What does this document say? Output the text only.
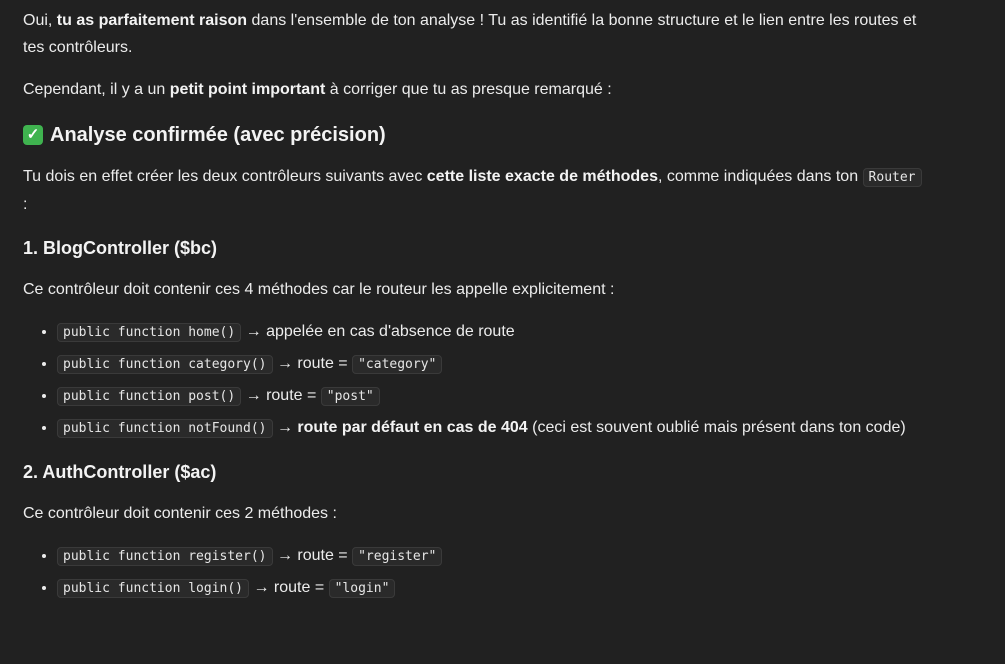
Oui, tu as parfaitement raison dans l'ensemble de ton analyse ! Tu as identifié la bonne structure et le lien entre les routes et tes contrôleurs.

Cependant, il y a un petit point important à corriger que tu as presque remarqué :

✓ Analyse confirmée (avec précision)

Tu dois en effet créer les deux contrôleurs suivants avec cette liste exacte de méthodes, comme indiquées dans ton Router :

1. BlogController ($bc)

Ce contrôleur doit contenir ces 4 méthodes car le routeur les appelle explicitement :

• public function home() → appelée en cas d'absence de route
• public function category() → route = "category"
• public function post() → route = "post"
• public function notFound() → route par défaut en cas de 404 (ceci est souvent oublié mais présent dans ton code)
2. AuthController ($ac)

Ce contrôleur doit contenir ces 2 méthodes :

• public function register() → route = "register"
• public function login() → route = "login"
